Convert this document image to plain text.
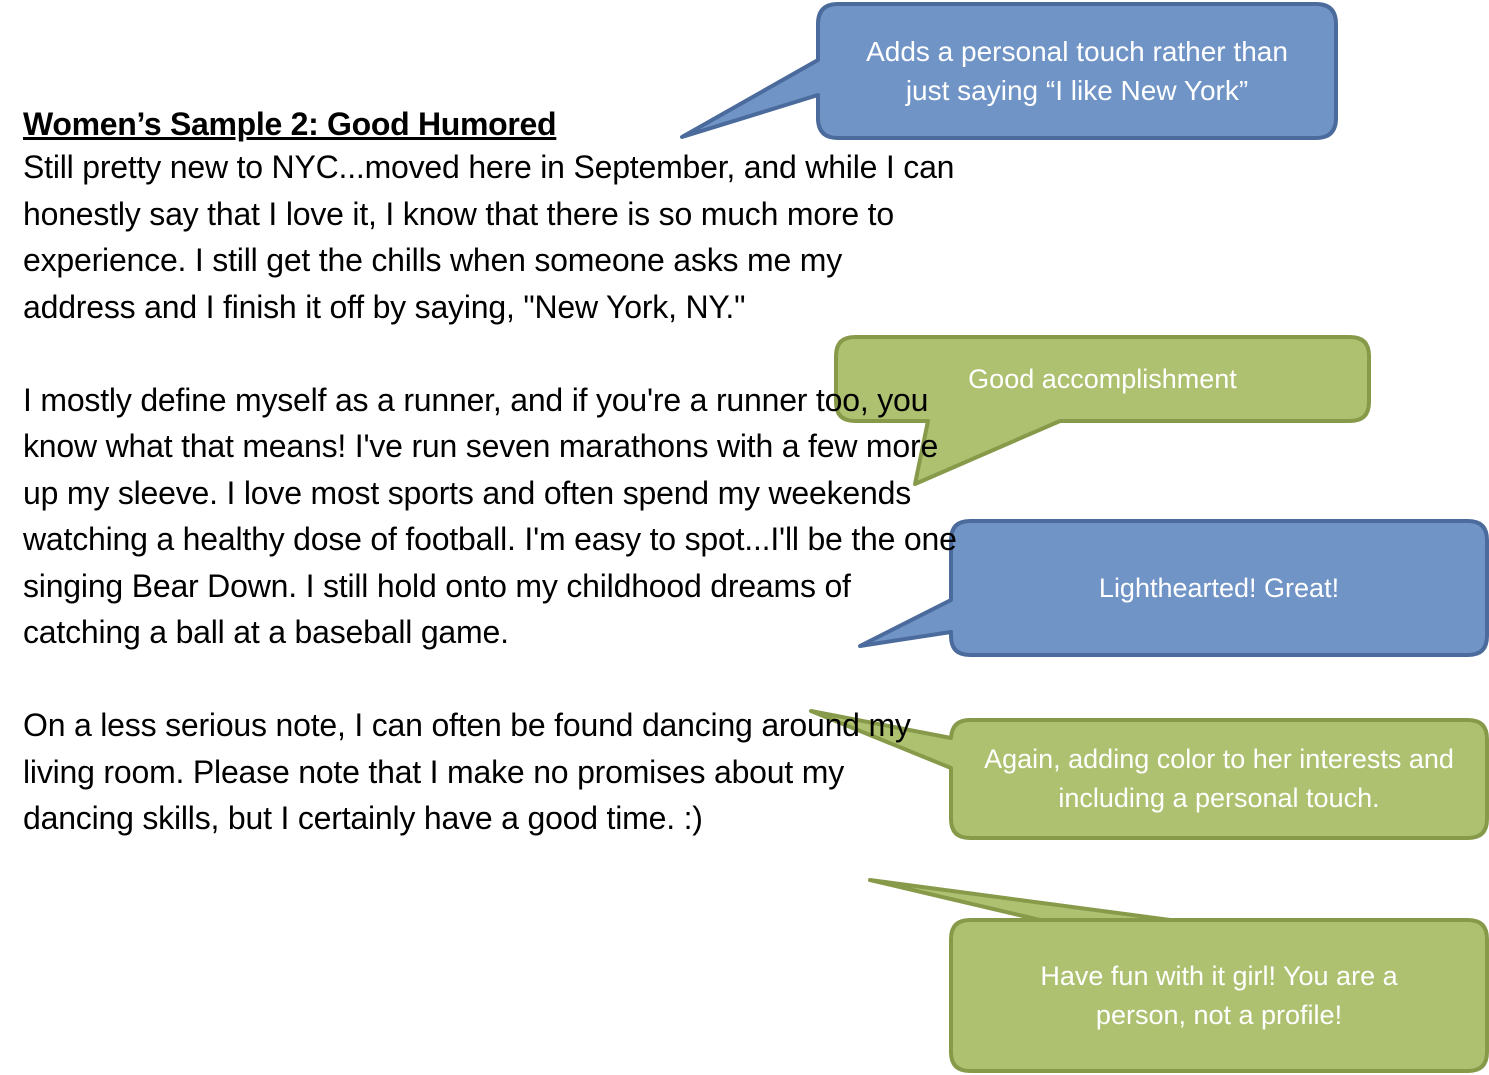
Women’s Sample 2: Good Humored

Still pretty new to NYC...moved here in September, and while I can honestly say that I love it, I know that there is so much more to experience. I still get the chills when someone asks me my address and I finish it off by saying, "New York, NY."

I mostly define myself as a runner, and if you're a runner too, you know what that means! I've run seven marathons with a few more up my sleeve. I love most sports and often spend my weekends watching a healthy dose of football. I'm easy to spot...I'll be the one singing Bear Down. I still hold onto my childhood dreams of catching a ball at a baseball game.

On a less serious note, I can often be found dancing around my living room. Please note that I make no promises about my dancing skills, but I certainly have a good time. :)

Adds a personal touch rather than just saying “I like New York”
Good accomplishment
Lighthearted! Great!
Again, adding color to her interests and including a personal touch.
Have fun with it girl! You are a person, not a profile!
